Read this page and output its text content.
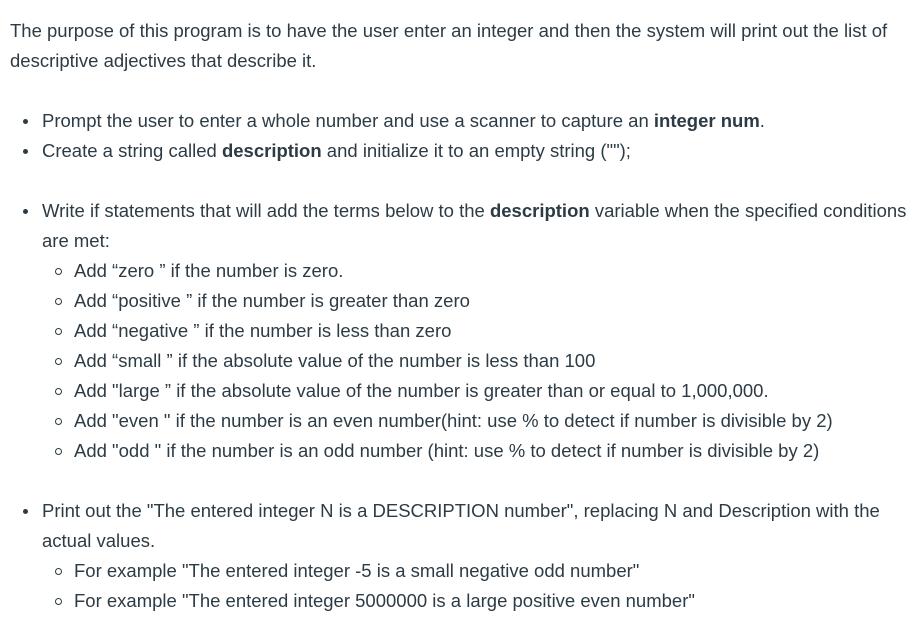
The purpose of this program is to have the user enter an integer and then the system will print out the list of descriptive adjectives that describe it.

Prompt the user to enter a whole number and use a scanner to capture an integer num.
Create a string called description and initialize it to an empty string ("");
Write if statements that will add the terms below to the description variable when the specified conditions are met:
Add “zero ” if the number is zero.
Add “positive ” if the number is greater than zero
Add “negative ” if the number is less than zero
Add “small ” if the absolute value of the number is less than 100
Add "large ” if the absolute value of the number is greater than or equal to 1,000,000.
Add "even " if the number is an even number(hint: use % to detect if number is divisible by 2)
Add "odd " if the number is an odd number (hint: use % to detect if number is divisible by 2)
Print out the "The entered integer N is a DESCRIPTION number", replacing N and Description with the actual values.
For example "The entered integer -5 is a small negative odd number"
For example "The entered integer 5000000 is a large positive even number"
